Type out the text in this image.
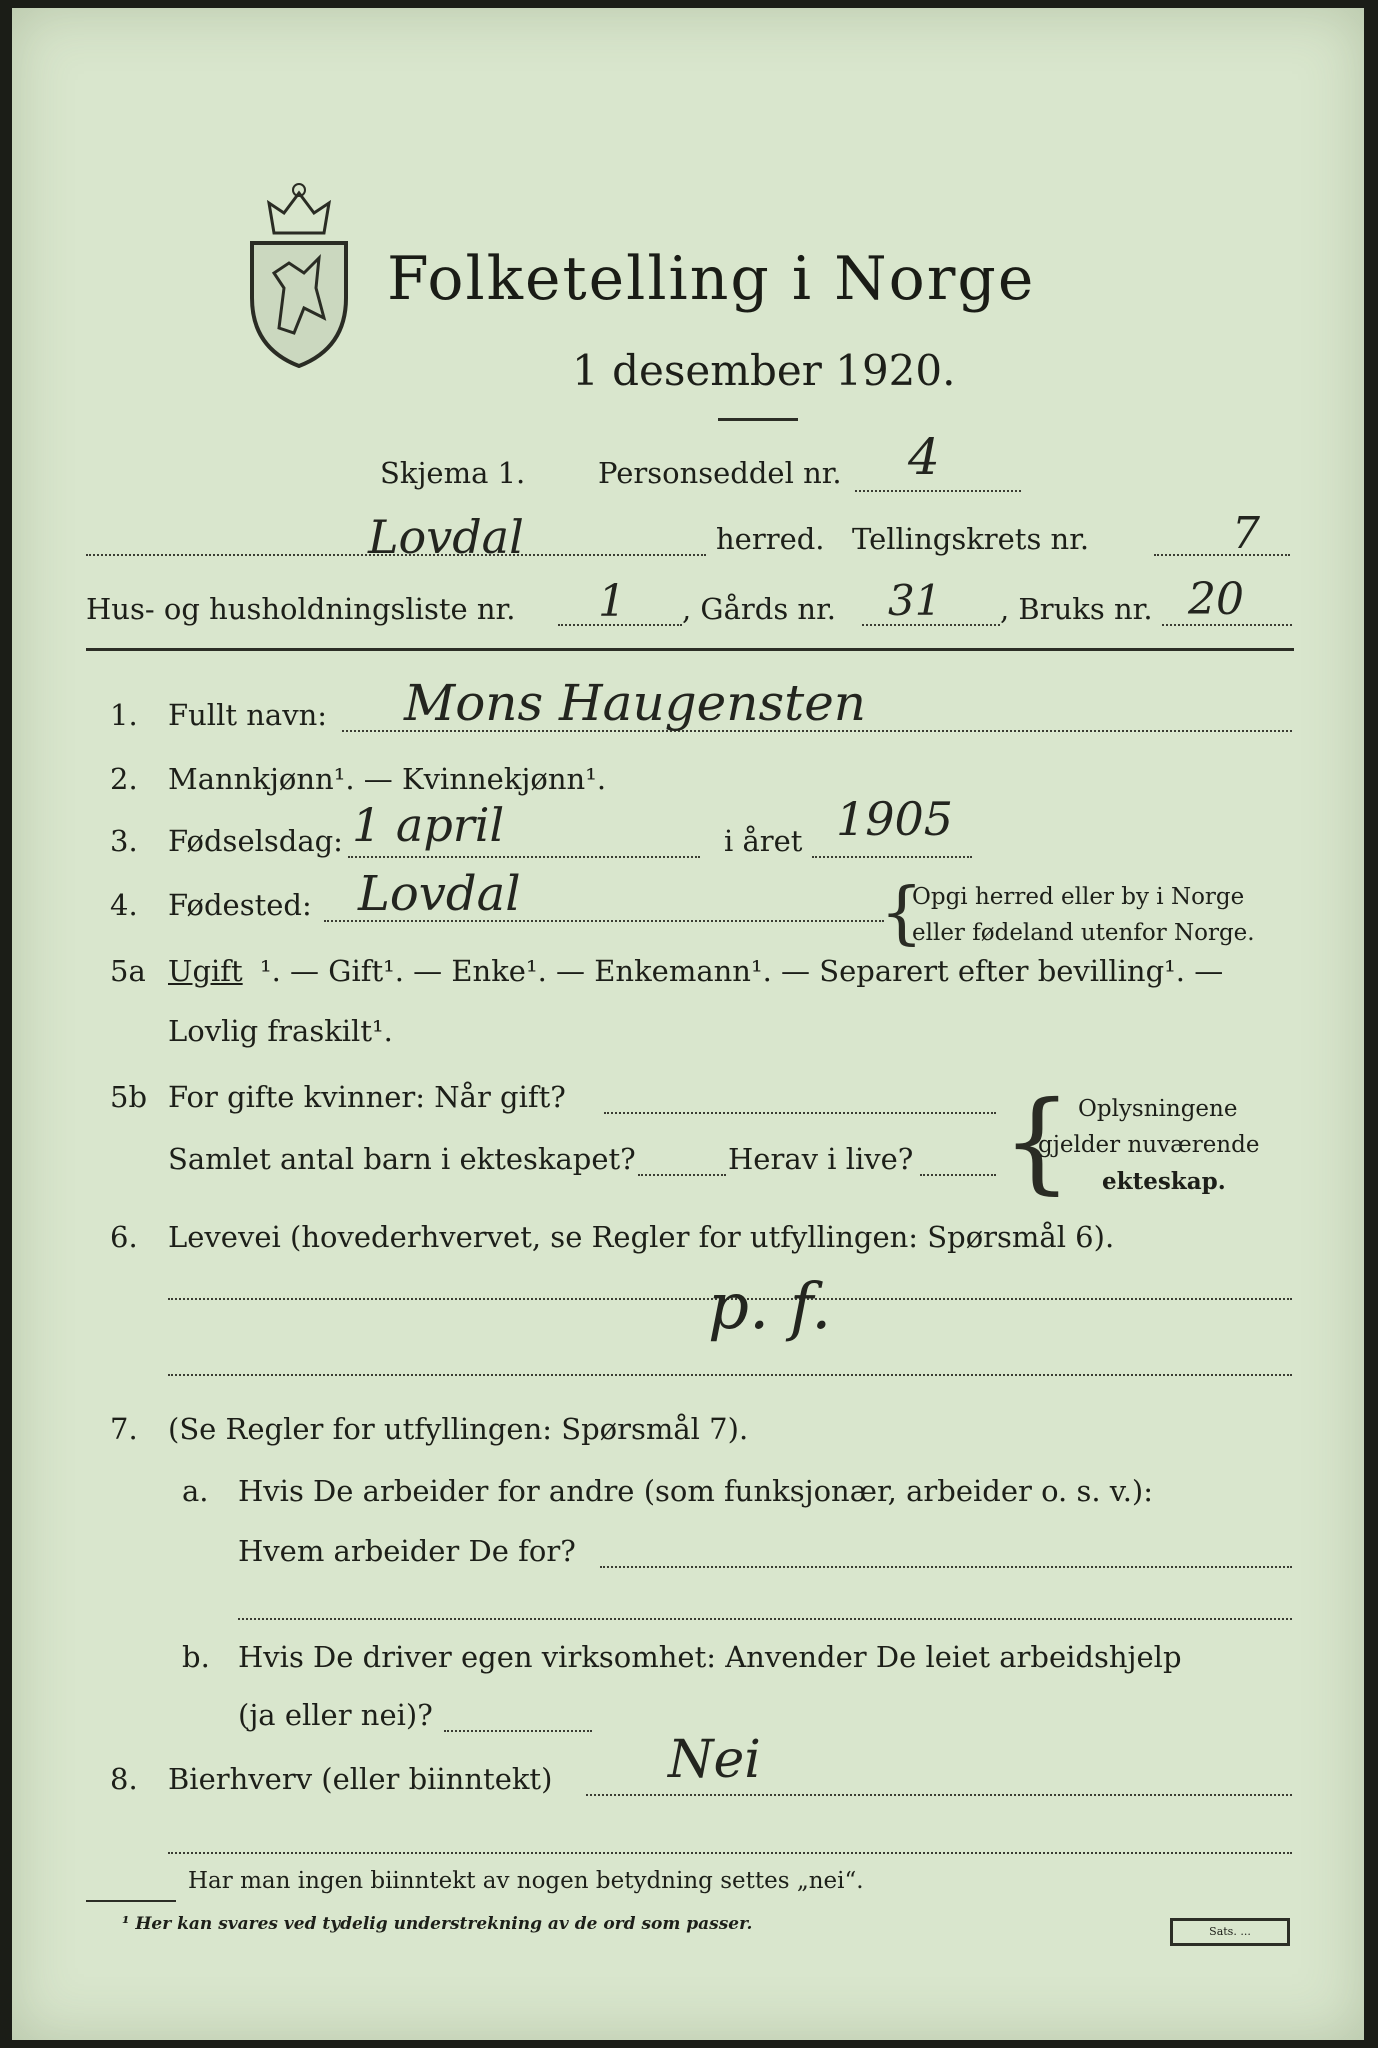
Folketelling i Norge
1 desember 1920.
Skjema 1.	Personseddel nr. 4
Lovdal	herred. Tellingskrets nr.	7
Hus- og husholdningsliste nr. 1 , Gårds nr. 31 , Bruks nr. 20
1. Fullt navn: Mons Haugensten
2. Mannkjønn¹. — Kvinnekjønn¹.
3. Fødselsdag: 1 april	i året 1905
4. Fødested: Lovdal	{
Opgi herred eller by i Norge
eller fødeland utenfor Norge.
5a Ugift ¹. — Gift¹. — Enke¹. — Enkemann¹. — Separert efter bevilling¹. —
Lovlig fraskilt¹.
5b For gifte kvinner: Når gift?
Samlet antal barn i ekteskapet?	Herav i live? { Oplysningene
gjelder nuværende
ekteskap.
6. Levevei (hovederhvervet, se Regler for utfyllingen: Spørsmål 6).
p. f.
7. (Se Regler for utfyllingen: Spørsmål 7).
a. Hvis De arbeider for andre (som funksjonær, arbeider o. s. v.):
Hvem arbeider De for?
b. Hvis De driver egen virksomhet: Anvender De leiet arbeidshjelp
(ja eller nei)?
8. Bierhverv (eller biinntekt) Nei
Har man ingen biinntekt av nogen betydning settes „nei“.
¹ Her kan svares ved tydelig understrekning av de ord som passer.	Sats. ...
